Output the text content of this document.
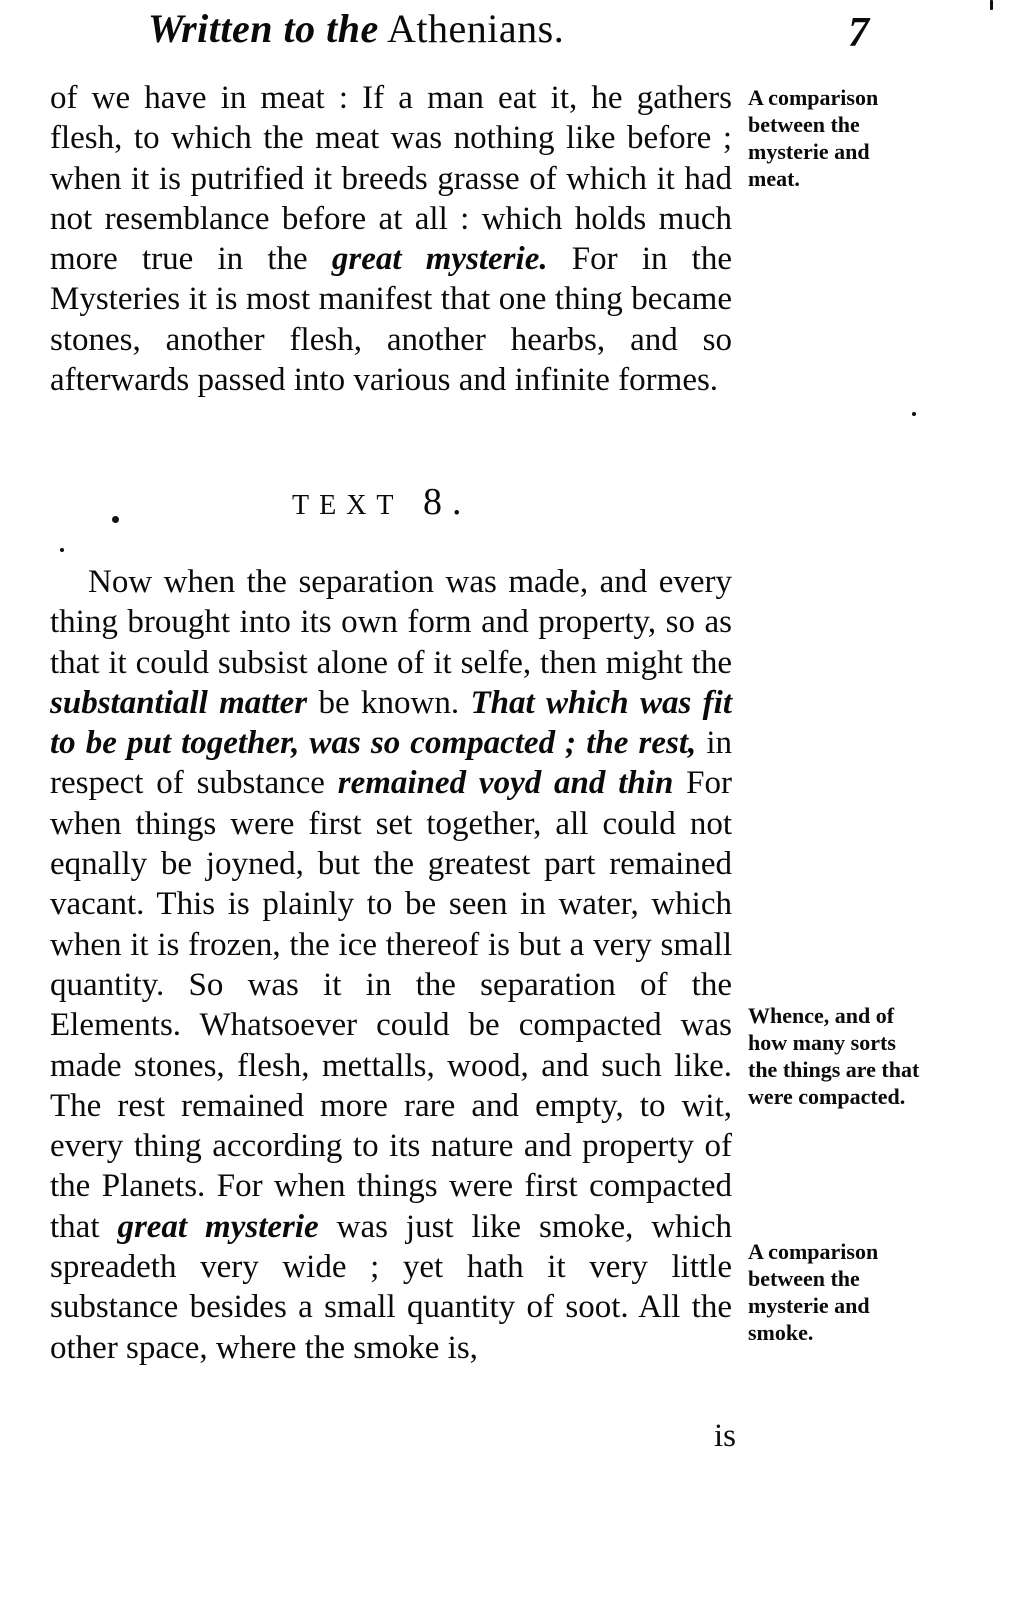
Written to the Athenians.	7

of we have in meat : If a man eat it, he gathers flesh, to which the meat was nothing like before ; when it is putrified it breeds grasse of which it had not resemblance before at all : which holds much more true in the great mysterie. For in the Mysteries it is most manifest that one thing became stones, another flesh, another hearbs, and so afterwards passed into various and infinite formes.

TEXT 8.

Now when the separation was made, and every thing brought into its own form and property, so as that it could subsist alone of it selfe, then might the substantiall matter be known. That which was fit to be put together, was so compacted ; the rest, in respect of substance remained voyd and thin For when things were first set together, all could not eqnally be joyned, but the greatest part remained vacant. This is plainly to be seen in water, which when it is frozen, the ice thereof is but a very small quantity. So was it in the separation of the Elements. Whatsoever could be compacted was made stones, flesh, mettalls, wood, and such like. The rest remained more rare and empty, to wit, every thing according to its nature and property of the Planets. For when things were first compacted that great mysterie was just like smoke, which spreadeth very wide ; yet hath it very little substance besides a small quantity of soot. All the other space, where the smoke is,

is
A comparison between the mysterie and meat.
Whence, and of how many sorts the things are that were compacted.
A comparison between the mysterie and smoke.
